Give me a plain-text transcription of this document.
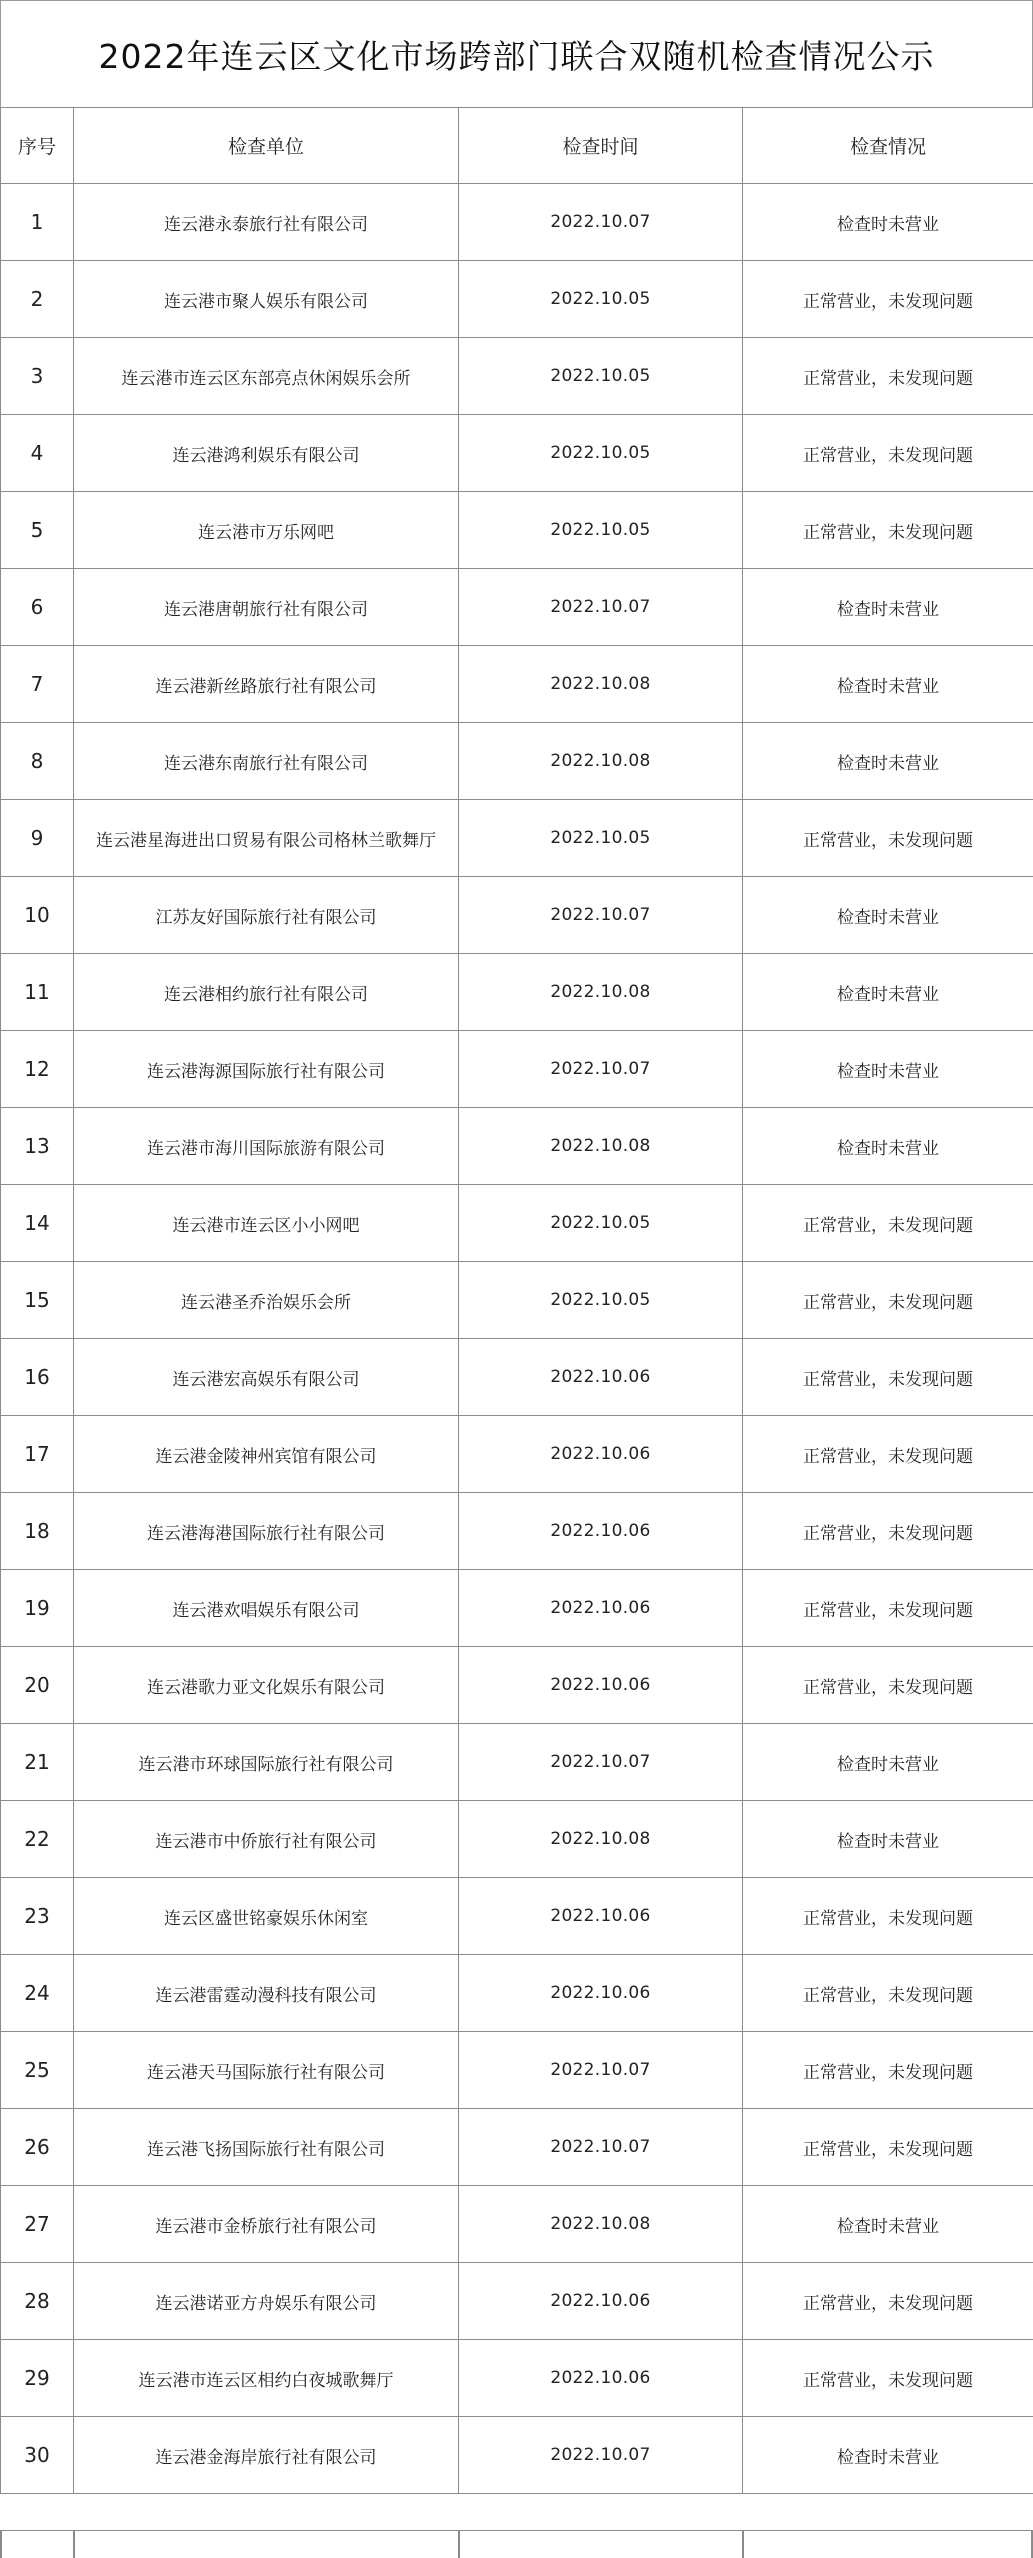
2022年连云区文化市场跨部门联合双随机检查情况公示
序号	检查单位	检查时间	检查情况
1	连云港永泰旅行社有限公司	2022.10.07	检查时未营业
2	连云港市聚人娱乐有限公司	2022.10.05	正常营业，未发现问题
3	连云港市连云区东部亮点休闲娱乐会所	2022.10.05	正常营业，未发现问题
4	连云港鸿利娱乐有限公司	2022.10.05	正常营业，未发现问题
5	连云港市万乐网吧	2022.10.05	正常营业，未发现问题
6	连云港唐朝旅行社有限公司	2022.10.07	检查时未营业
7	连云港新丝路旅行社有限公司	2022.10.08	检查时未营业
8	连云港东南旅行社有限公司	2022.10.08	检查时未营业
9	连云港星海进出口贸易有限公司格林兰歌舞厅	2022.10.05	正常营业，未发现问题
10	江苏友好国际旅行社有限公司	2022.10.07	检查时未营业
11	连云港相约旅行社有限公司	2022.10.08	检查时未营业
12	连云港海源国际旅行社有限公司	2022.10.07	检查时未营业
13	连云港市海川国际旅游有限公司	2022.10.08	检查时未营业
14	连云港市连云区小小网吧	2022.10.05	正常营业，未发现问题
15	连云港圣乔治娱乐会所	2022.10.05	正常营业，未发现问题
16	连云港宏高娱乐有限公司	2022.10.06	正常营业，未发现问题
17	连云港金陵神州宾馆有限公司	2022.10.06	正常营业，未发现问题
18	连云港海港国际旅行社有限公司	2022.10.06	正常营业，未发现问题
19	连云港欢唱娱乐有限公司	2022.10.06	正常营业，未发现问题
20	连云港歌力亚文化娱乐有限公司	2022.10.06	正常营业，未发现问题
21	连云港市环球国际旅行社有限公司	2022.10.07	检查时未营业
22	连云港市中侨旅行社有限公司	2022.10.08	检查时未营业
23	连云区盛世铭豪娱乐休闲室	2022.10.06	正常营业，未发现问题
24	连云港雷霆动漫科技有限公司	2022.10.06	正常营业，未发现问题
25	连云港天马国际旅行社有限公司	2022.10.07	正常营业，未发现问题
26	连云港飞扬国际旅行社有限公司	2022.10.07	正常营业，未发现问题
27	连云港市金桥旅行社有限公司	2022.10.08	检查时未营业
28	连云港诺亚方舟娱乐有限公司	2022.10.06	正常营业，未发现问题
29	连云港市连云区相约白夜城歌舞厅	2022.10.06	正常营业，未发现问题
30	连云港金海岸旅行社有限公司	2022.10.07	检查时未营业
